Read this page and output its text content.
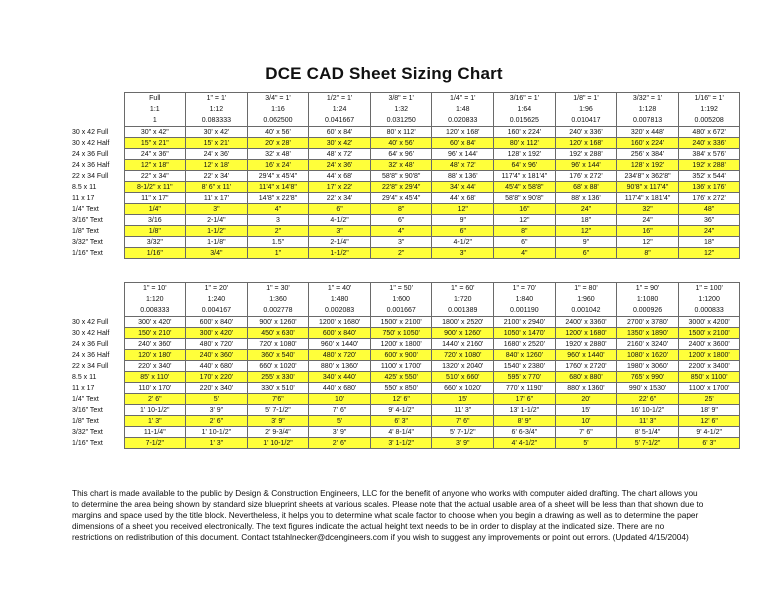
DCE CAD Sheet Sizing Chart
	Full	1" = 1'	3/4" = 1'	1/2" = 1'	3/8" = 1'	1/4" = 1'	3/16" = 1'	1/8" = 1'	3/32" = 1'	1/16" = 1'
	1:1	1:12	1:16	1:24	1:32	1:48	1:64	1:96	1:128	1:192
	1	0.083333	0.062500	0.041667	0.031250	0.020833	0.015625	0.010417	0.007813	0.005208
30 x 42 Full	30" x 42"	30' x 42'	40' x 56'	60' x 84'	80' x 112'	120' x 168'	160' x 224'	240' x 336'	320' x 448'	480' x 672'
30 x 42 Half	15" x 21"	15' x 21'	20' x 28'	30' x 42'	40' x 56'	60' x 84'	80' x 112'	120' x 168'	160' x 224'	240' x 336'
24 x 36 Full	24" x 36"	24' x 36'	32' x 48'	48' x 72'	64' x 96'	96' x 144'	128' x 192'	192' x 288'	256' x 384'	384' x 576'
24 x 36 Half	12" x 18"	12' x 18'	16' x 24'	24' x 36'	32' x 48'	48' x 72'	64' x 96'	96' x 144'	128' x 192'	192' x 288'
22 x 34 Full	22" x 34"	22' x 34'	29'4" x 45'4"	44' x 68'	58'8" x 90'8"	88' x 136'	117'4" x 181'4"	176' x 272'	234'8" x 362'8"	352' x 544'
8.5 x 11	8-1/2" x 11"	8' 6" x 11'	11'4" x 14'8"	17' x 22'	22'8" x 29'4"	34' x 44'	45'4" x 58'8"	68' x 88'	90'8" x 117'4"	136' x 176'
11 x 17	11" x 17"	11' x 17'	14'8" x 22'8"	22' x 34'	29'4" x 45'4"	44' x 68'	58'8" x 90'8"	88' x 136'	117'4" x 181'4"	176' x 272'
1/4" Text	1/4"	3"	4"	6"	8"	12"	16"	24"	32"	48"
3/16" Text	3/16	2-1/4"	3	4-1/2"	6"	9"	12"	18"	24"	36"
1/8" Text	1/8"	1-1/2"	2"	3"	4"	6"	8"	12"	16"	24"
3/32" Text	3/32"	1-1/8"	1.5"	2-1/4"	3"	4-1/2"	6"	9"	12"	18"
1/16" Text	1/16"	3/4"	1"	1-1/2"	2"	3"	4"	6"	8"	12"
	1" = 10'	1" = 20'	1" = 30'	1" = 40'	1" = 50'	1" = 60'	1" = 70'	1" = 80'	1" = 90'	1" = 100'
	1:120	1:240	1:360	1:480	1:600	1:720	1:840	1:960	1:1080	1:1200
	0.008333	0.004167	0.002778	0.002083	0.001667	0.001389	0.001190	0.001042	0.000926	0.000833
30 x 42 Full	300' x 420'	600' x 840'	900' x 1260'	1200' x 1680'	1500' x 2100'	1800' x 2520'	2100' x 2940'	2400' x 3360'	2700' x 3780'	3000' x 4200'
30 x 42 Half	150' x 210'	300' x 420'	450' x 630'	600' x 840'	750' x 1050'	900' x 1260'	1050' x 1470'	1200' x 1680'	1350' x 1890'	1500' x 2100'
24 x 36 Full	240' x 360'	480' x 720'	720' x 1080'	960' x 1440'	1200' x 1800'	1440' x 2160'	1680' x 2520'	1920' x 2880'	2160' x 3240'	2400' x 3600'
24 x 36 Half	120' x 180'	240' x 360'	360' x 540'	480' x 720'	600' x 900'	720' x 1080'	840' x 1260'	960' x 1440'	1080' x 1620'	1200' x 1800'
22 x 34 Full	220' x 340'	440' x 680'	660' x 1020'	880' x 1360'	1100' x 1700'	1320' x 2040'	1540' x 2380'	1760' x 2720'	1980' x 3060'	2200' x 3400'
8.5 x 11	85' x 110'	170' x 220'	255' x 330'	340' x 440'	425' x 550'	510' x 660'	595' x 770'	680' x 880'	765' x 990'	850' x 1100'
11 x 17	110' x 170'	220' x 340'	330' x 510'	440' x 680'	550' x 850'	660' x 1020'	770' x 1190'	880' x 1360'	990' x 1530'	1100' x 1700'
1/4" Text	2' 6"	5'	7'6"	10'	12' 6"	15'	17' 6"	20'	22' 6"	25'
3/16" Text	1' 10-1/2"	3' 9"	5' 7-1/2"	7' 6"	9' 4-1/2"	11' 3"	13' 1-1/2"	15'	16' 10-1/2"	18' 9"
1/8" Text	1' 3"	2' 6"	3' 9"	5'	6' 3"	7' 6"	8' 9"	10'	11' 3"	12' 6"
3/32" Text	11-1/4"	1' 10-1/2"	2' 9-3/4"	3' 9"	4' 8-1/4"	5' 7-1/2"	6' 6-3/4"	7' 6"	8' 5-1/4"	9' 4-1/2"
1/16" Text	7-1/2"	1' 3"	1' 10-1/2"	2' 6"	3' 1-1/2"	3' 9"	4' 4-1/2"	5'	5' 7-1/2"	6' 3"
This chart is made available to the public by Design & Construction Engineers, LLC for the benefit of anyone who works with computer aided drafting. The chart allows you to determine the area being shown by standard size blueprint sheets at various scales. Please note that the actual usable area of a sheet will be less than that shown due to margins and space used by the title block. Nevertheless, it helps you to determine what scale factor to choose when you begin a drawing as well as to determine the paper dimensions of a sheet you received electronically. The text figures indicate the actual height text needs to be in order to display at the indicated size. There are no restrictions on redistribution of this document. Contact tstahlnecker@dcengineers.com if you wish to suggest any improvements or point out errors. (Updated 4/15/2004)
